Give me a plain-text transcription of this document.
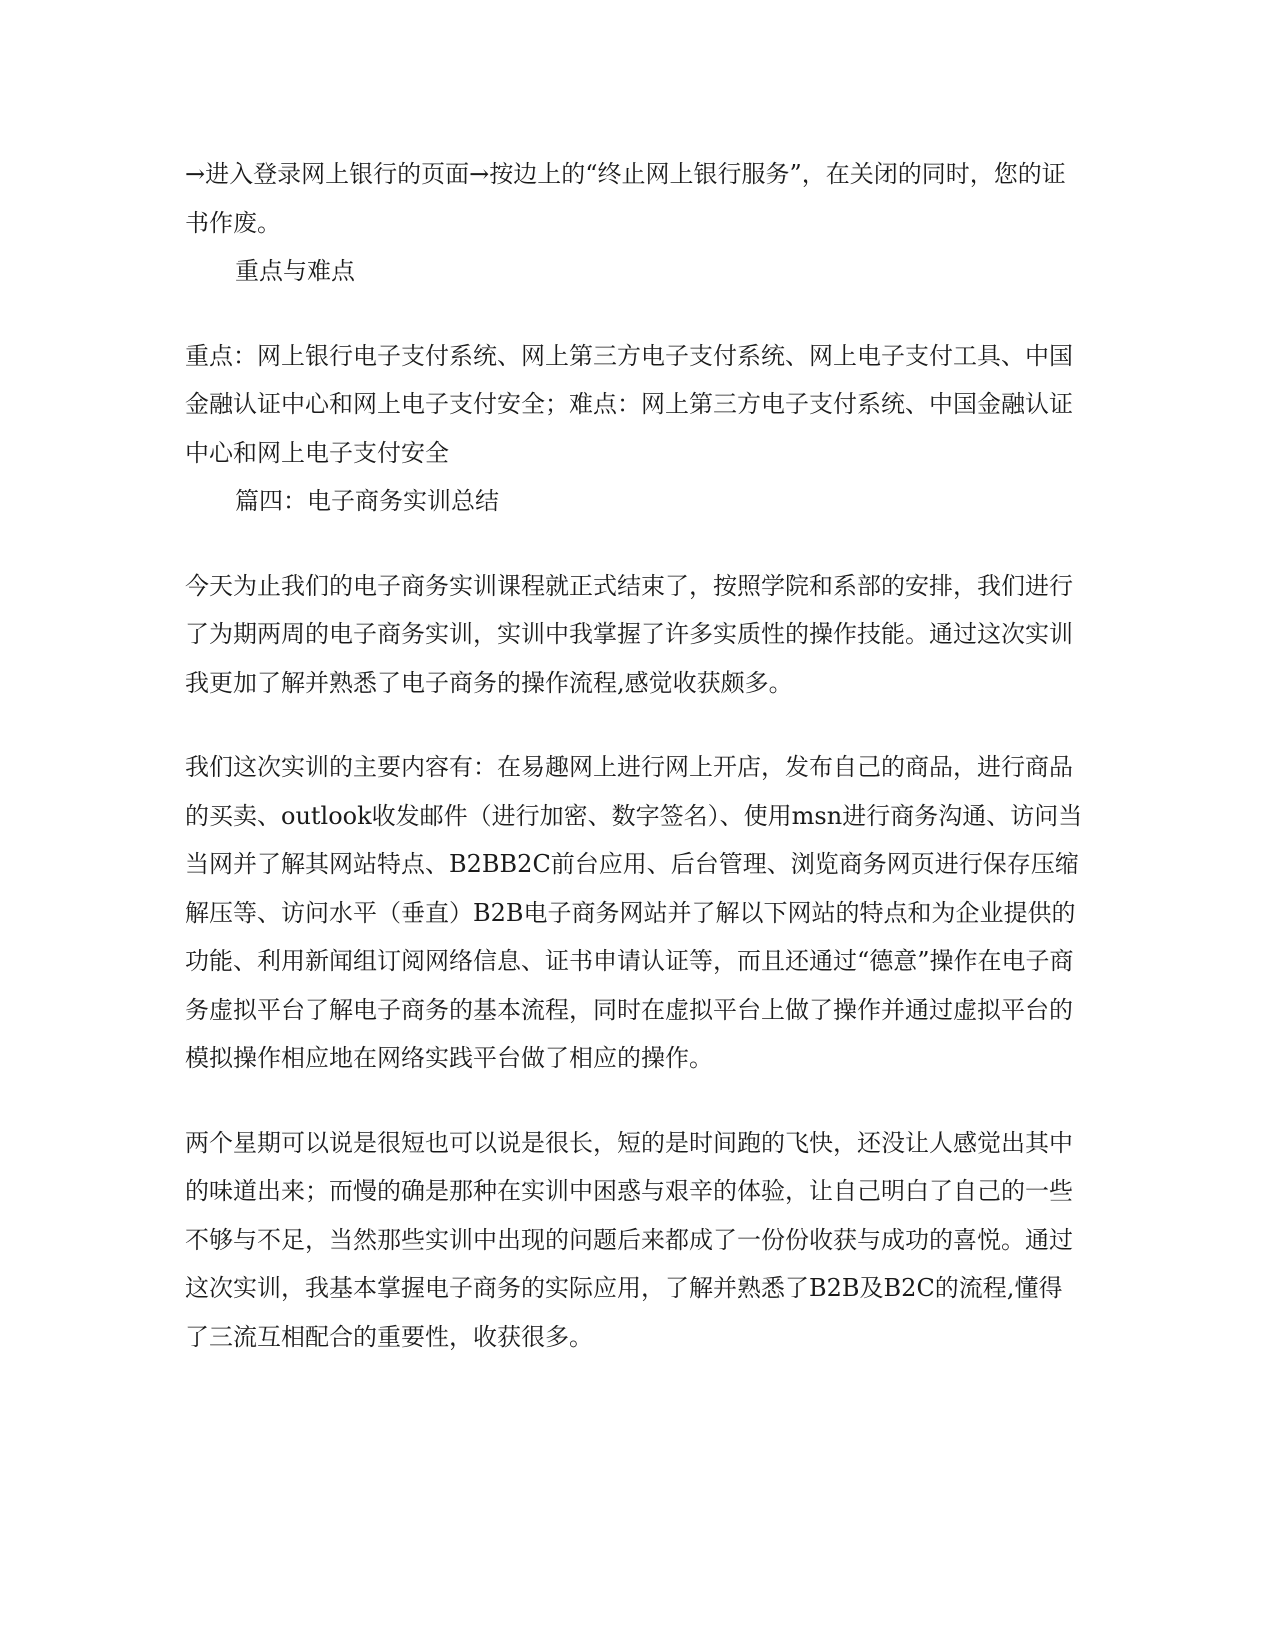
→进入登录网上银行的页面→按边上的“终止网上银行服务”，在关闭的同时，您的证书作废。

重点与难点

重点：网上银行电子支付系统、网上第三方电子支付系统、网上电子支付工具、中国金融认证中心和网上电子支付安全；难点：网上第三方电子支付系统、中国金融认证中心和网上电子支付安全

篇四：电子商务实训总结

今天为止我们的电子商务实训课程就正式结束了，按照学院和系部的安排，我们进行了为期两周的电子商务实训，实训中我掌握了许多实质性的操作技能。通过这次实训我更加了解并熟悉了电子商务的操作流程,感觉收获颇多。

我们这次实训的主要内容有：在易趣网上进行网上开店，发布自己的商品，进行商品的买卖、outlook收发邮件（进行加密、数字签名）、使用msn进行商务沟通、访问当当网并了解其网站特点、B2BB2C前台应用、后台管理、浏览商务网页进行保存压缩解压等、访问水平（垂直）B2B电子商务网站并了解以下网站的特点和为企业提供的功能、利用新闻组订阅网络信息、证书申请认证等，而且还通过“德意”操作在电子商务虚拟平台了解电子商务的基本流程，同时在虚拟平台上做了操作并通过虚拟平台的模拟操作相应地在网络实践平台做了相应的操作。

两个星期可以说是很短也可以说是很长，短的是时间跑的飞快，还没让人感觉出其中的味道出来；而慢的确是那种在实训中困惑与艰辛的体验，让自己明白了自己的一些不够与不足，当然那些实训中出现的问题后来都成了一份份收获与成功的喜悦。通过这次实训，我基本掌握电子商务的实际应用，了解并熟悉了B2B及B2C的流程,懂得了三流互相配合的重要性，收获很多。
